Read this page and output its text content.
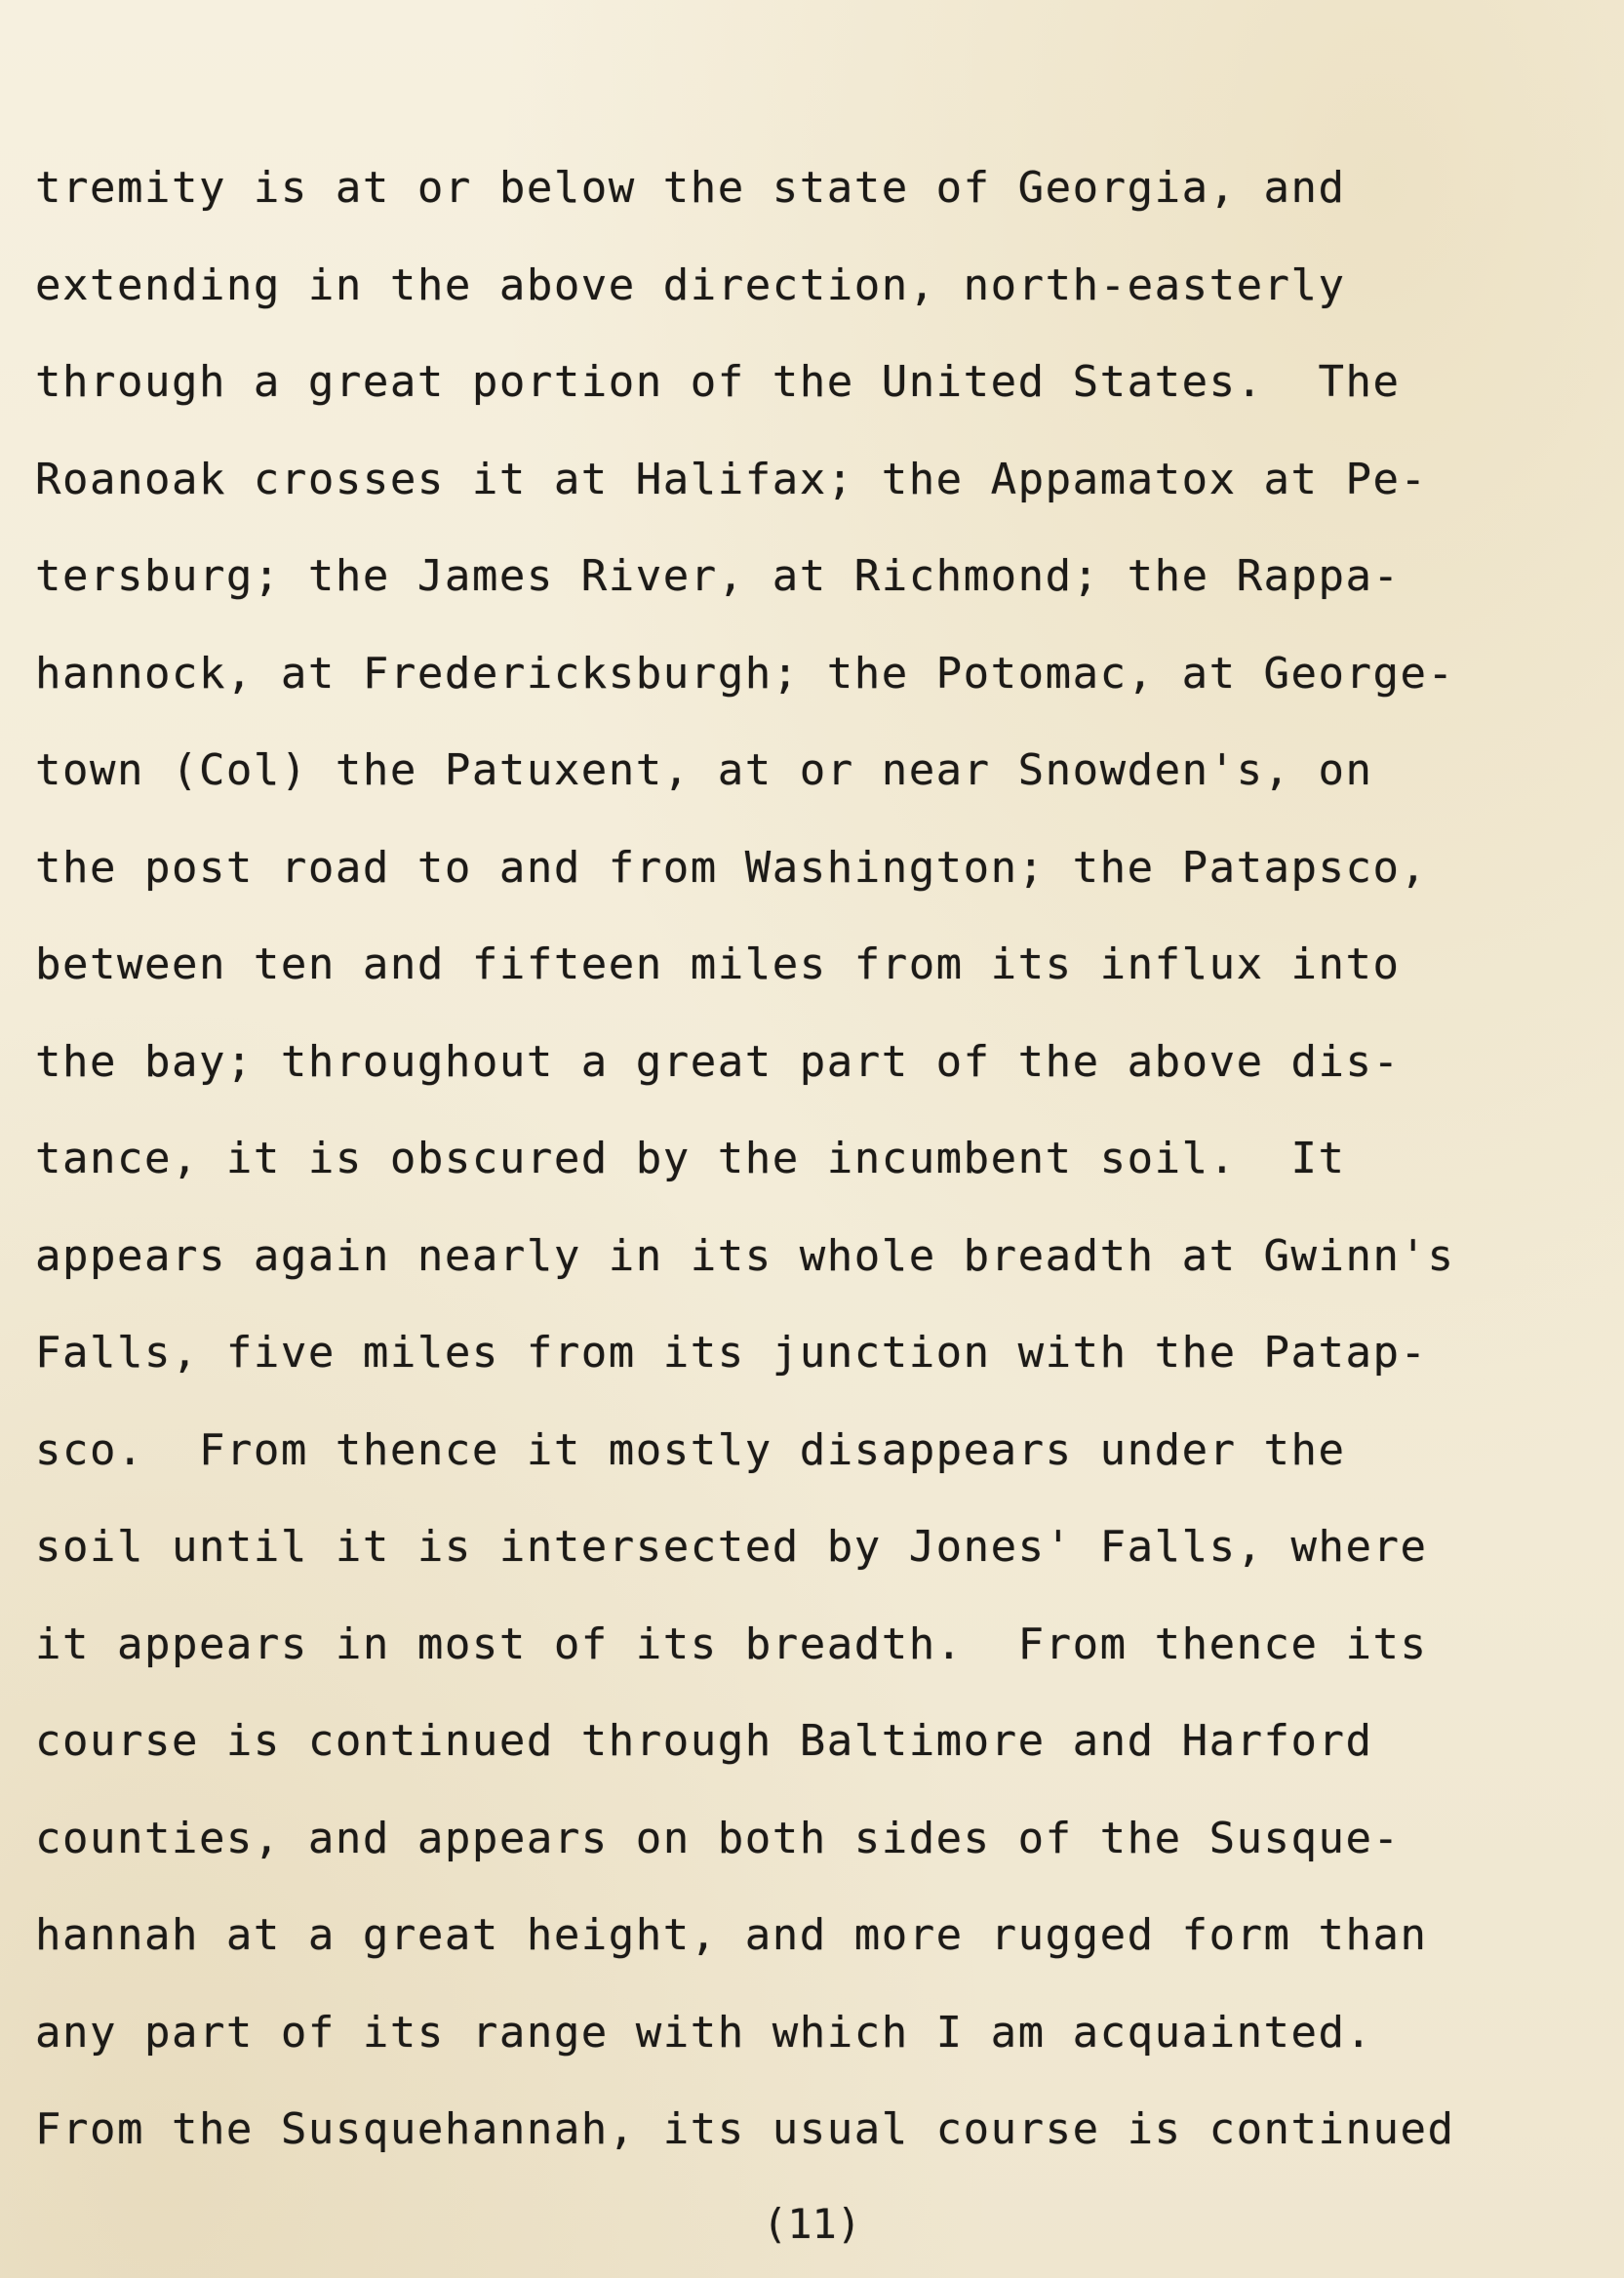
tremity is at or below the state of Georgia, and
extending in the above direction, north-easterly
through a great portion of the United States.  The
Roanoak crosses it at Halifax; the Appamatox at Pe-
tersburg; the James River, at Richmond; the Rappa-
hannock, at Fredericksburgh; the Potomac, at George-
town (Col) the Patuxent, at or near Snowden's, on
the post road to and from Washington; the Patapsco,
between ten and fifteen miles from its influx into
the bay; throughout a great part of the above dis-
tance, it is obscured by the incumbent soil.  It
appears again nearly in its whole breadth at Gwinn's
Falls, five miles from its junction with the Patap-
sco.  From thence it mostly disappears under the
soil until it is intersected by Jones' Falls, where
it appears in most of its breadth.  From thence its
course is continued through Baltimore and Harford
counties, and appears on both sides of the Susque-
hannah at a great height, and more rugged form than
any part of its range with which I am acquainted.
From the Susquehannah, its usual course is continued
(11)
